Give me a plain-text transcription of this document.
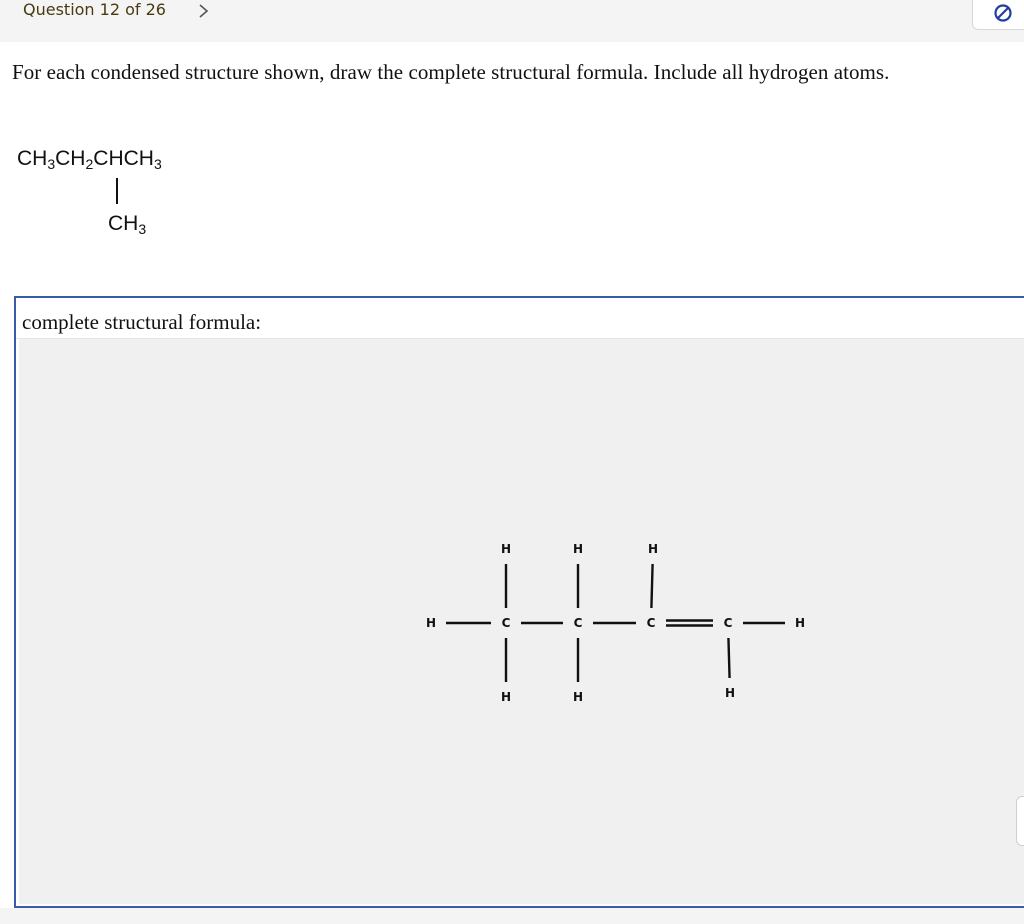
Question 12 of 26
For each condensed structure shown, draw the complete structural formula. Include all hydrogen atoms.
$CH_3CH_2CHCH_3$
$CH_3$
complete structural formula:
H	C	C	C	C	H
H	H	H
H	H	H
